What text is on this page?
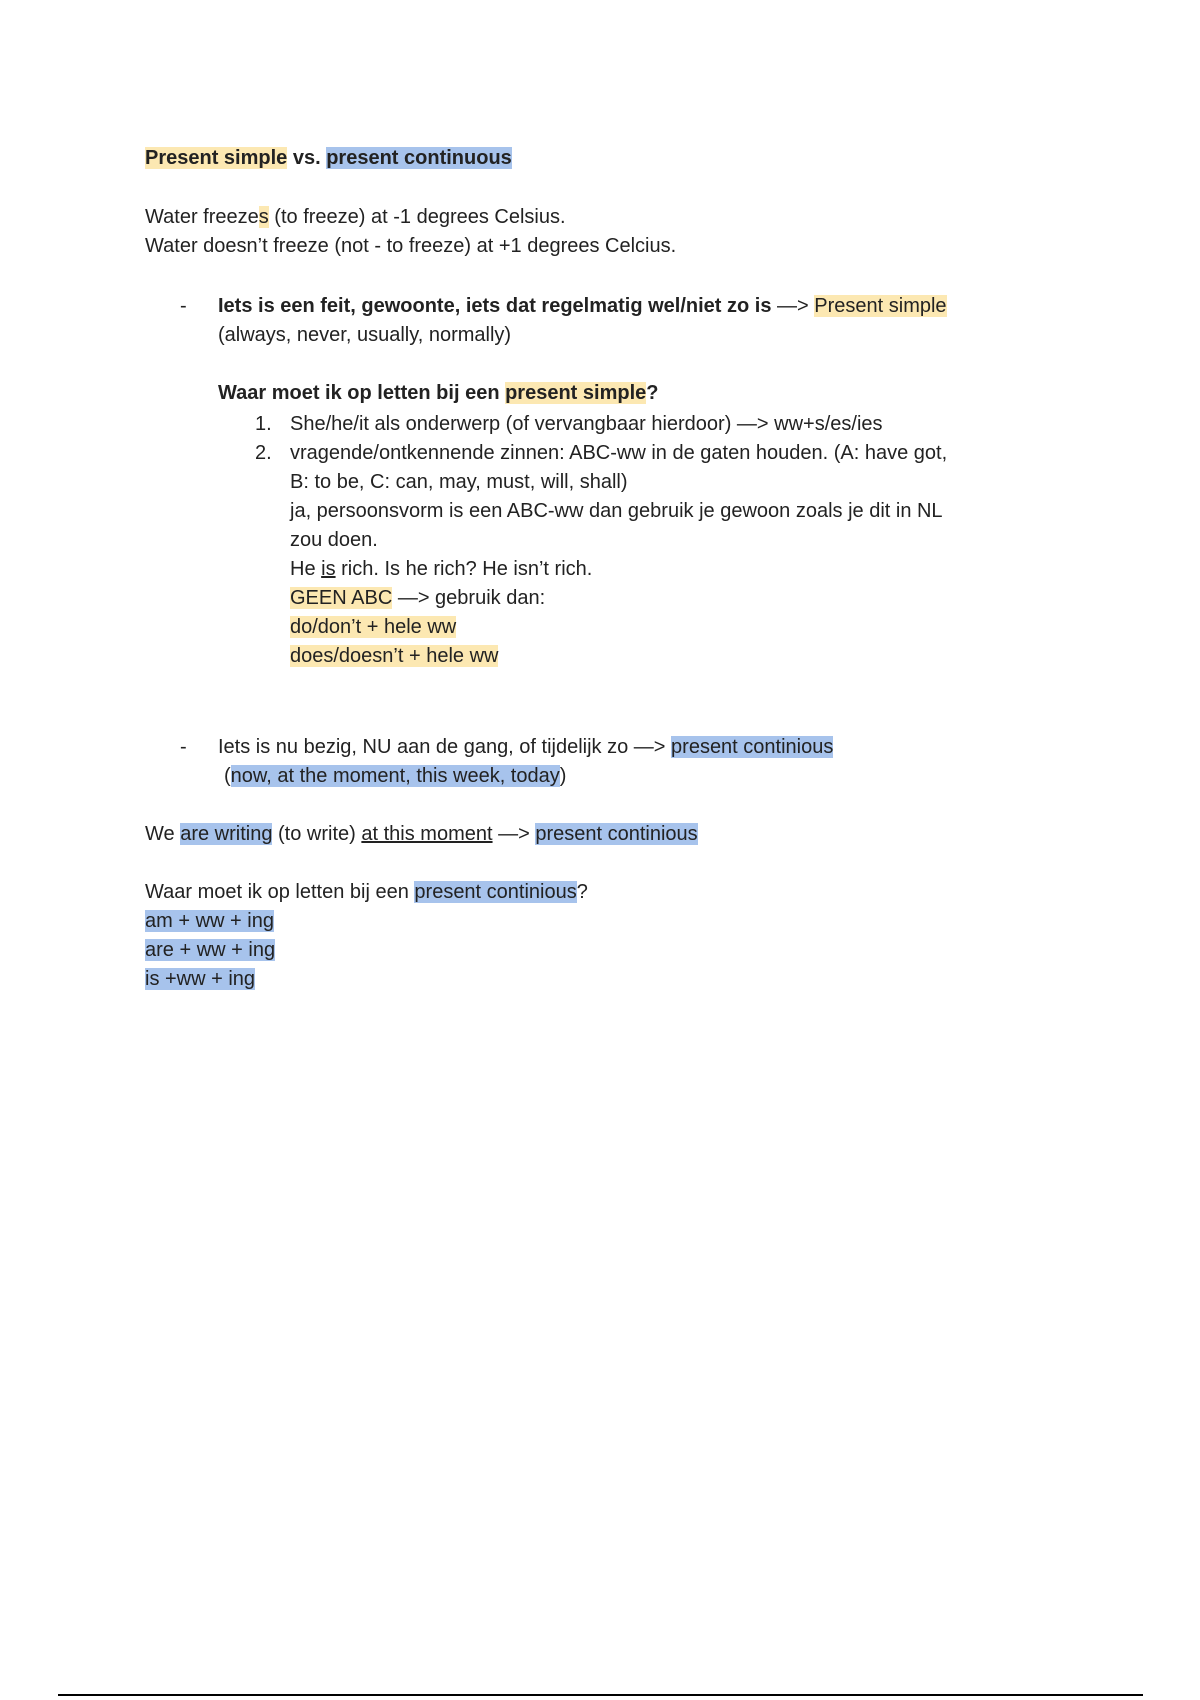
Present simple vs. present continuous
Water freezes (to freeze) at -1 degrees Celsius.
Water doesn’t freeze (not - to freeze) at +1 degrees Celcius.
- Iets is een feit, gewoonte, iets dat regelmatig wel/niet zo is —> Present simple
(always, never, usually, normally)
Waar moet ik op letten bij een present simple?
1. She/he/it als onderwerp (of vervangbaar hierdoor) —> ww+s/es/ies
2. vragende/ontkennende zinnen: ABC-ww in de gaten houden. (A: have got,
B: to be, C: can, may, must, will, shall)
ja, persoonsvorm is een ABC-ww dan gebruik je gewoon zoals je dit in NL
zou doen.
He is rich. Is he rich? He isn’t rich.
GEEN ABC —> gebruik dan:
do/don’t + hele ww
does/doesn’t + hele ww
- Iets is nu bezig, NU aan de gang, of tijdelijk zo —> present continious
(now, at the moment, this week, today)
We are writing (to write) at this moment —> present continious
Waar moet ik op letten bij een present continious?
am + ww + ing
are + ww + ing
is +ww + ing
